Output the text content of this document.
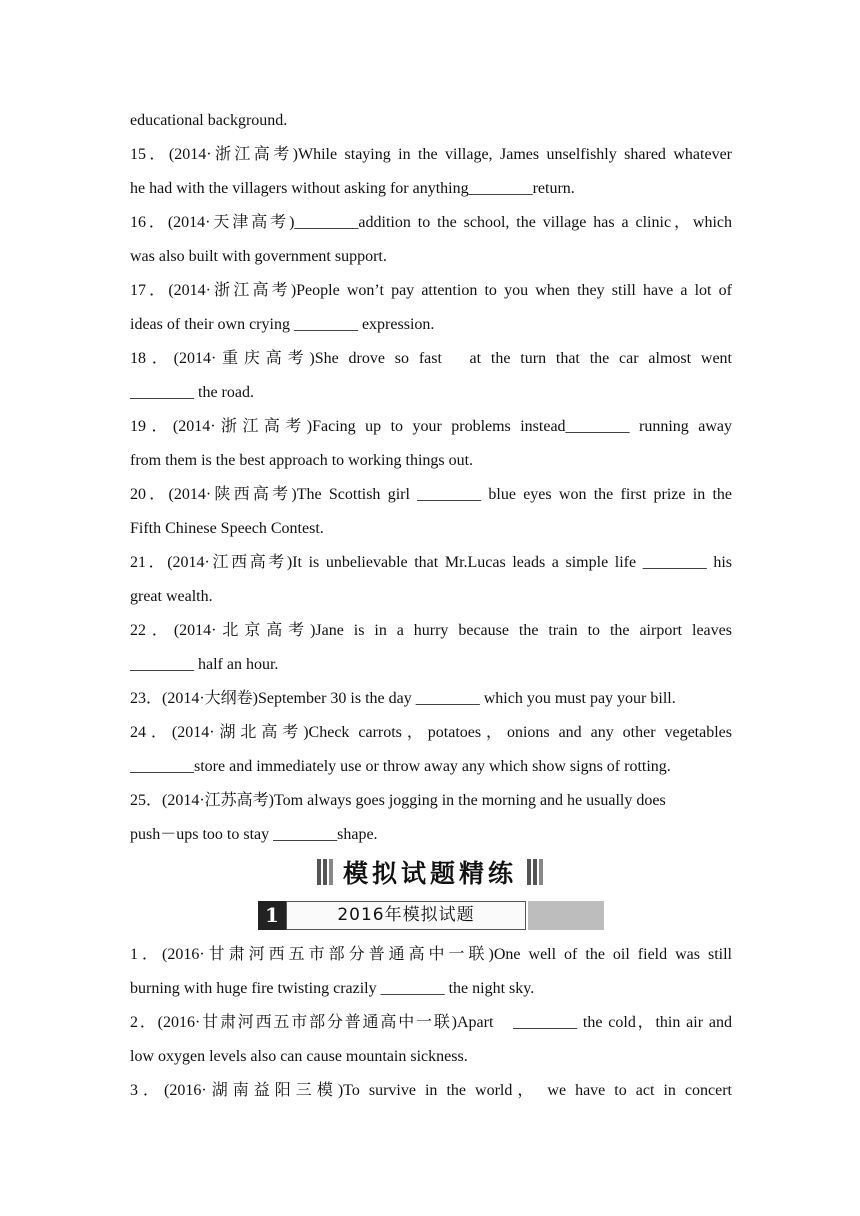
educational background.
15．(2014·浙江高考)While staying in the village, James unselfishly shared whatever
he had with the villagers without asking for anything________return.
16．(2014·天津高考)________addition to the school, the village has a clinic，which
was also built with government support.
17．(2014·浙江高考)People won’t pay attention to you when they still have a lot of
ideas of their own crying ________ expression.
18．(2014·重庆高考)She drove so fast　at the turn that the car almost went
________ the road.
19．(2014·浙江高考)Facing up to your problems instead________ running away
from them is the best approach to working things out.
20．(2014·陕西高考)The Scottish girl ________ blue eyes won the first prize in the
Fifth Chinese Speech Contest.
21．(2014·江西高考)It is unbelievable that Mr.Lucas leads a simple life ________ his
great wealth.
22．(2014·北京高考)Jane is in a hurry because the train to the airport leaves
________ half an hour.
23．(2014·大纲卷)September 30 is the day ________ which you must pay your bill.
24．(2014·湖北高考)Check carrots，potatoes，onions and any other vegetables
________store and immediately use or throw away any which show signs of rotting.
25．(2014·江苏高考)Tom always goes jogging in the morning and he usually does
push－ups too to stay ________shape.
模拟试题精练
1	2016年模拟试题
1．(2016·甘肃河西五市部分普通高中一联)One well of the oil field was still
burning with huge fire twisting crazily ________ the night sky.
2．(2016·甘肃河西五市部分普通高中一联)Apart　________ the cold，thin air and
low oxygen levels also can cause mountain sickness.
3．(2016·湖南益阳三模)To survive in the world， we have to act in concert
